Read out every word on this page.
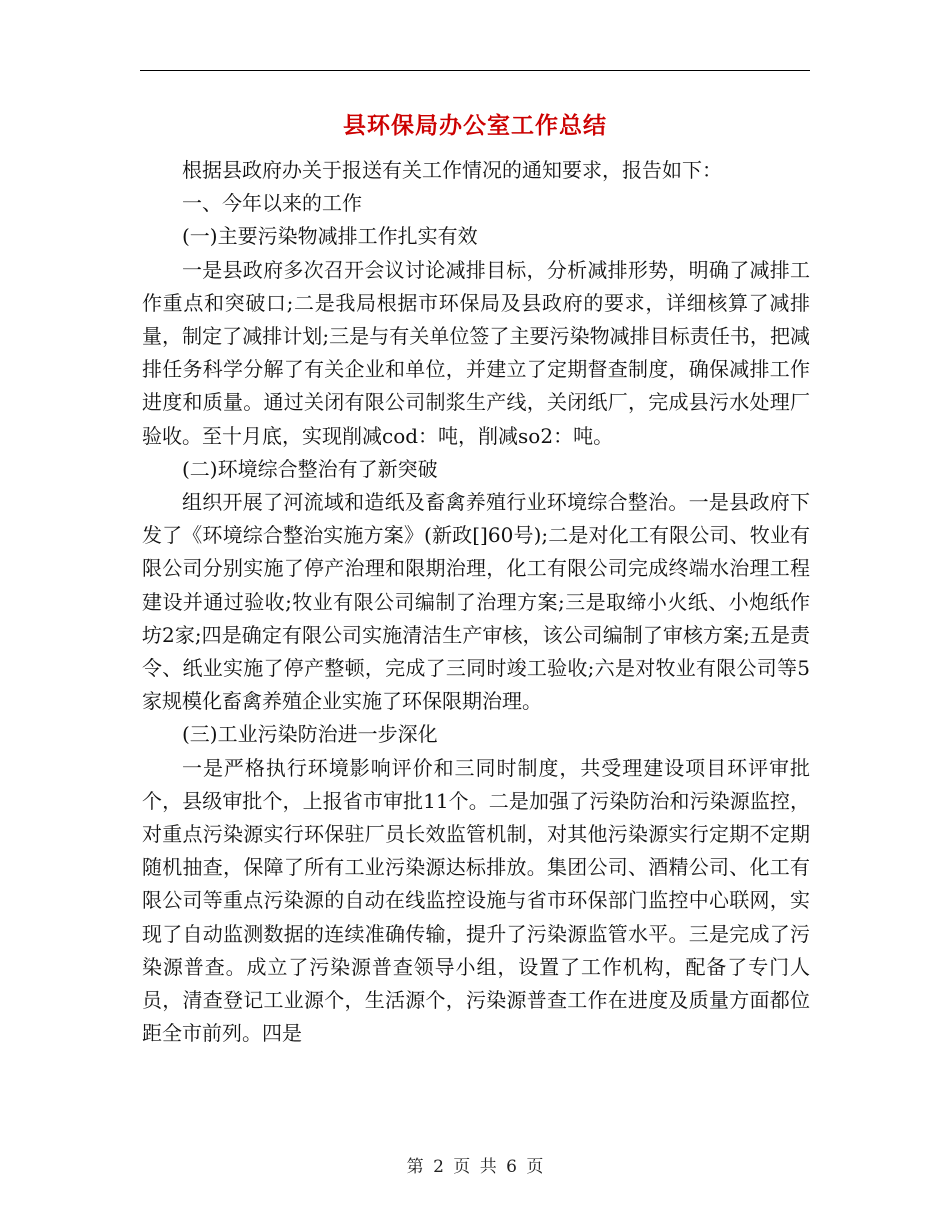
县环保局办公室工作总结

根据县政府办关于报送有关工作情况的通知要求，报告如下：

一、今年以来的工作

(一)主要污染物减排工作扎实有效

一是县政府多次召开会议讨论减排目标，分析减排形势，明确了减排工作重点和突破口;二是我局根据市环保局及县政府的要求，详细核算了减排量，制定了减排计划;三是与有关单位签了主要污染物减排目标责任书，把减排任务科学分解了有关企业和单位，并建立了定期督查制度，确保减排工作进度和质量。通过关闭有限公司制浆生产线，关闭纸厂，完成县污水处理厂验收。至十月底，实现削减cod：吨，削减so2：吨。

(二)环境综合整治有了新突破

组织开展了河流域和造纸及畜禽养殖行业环境综合整治。一是县政府下发了《环境综合整治实施方案》(新政[]60号);二是对化工有限公司、牧业有限公司分别实施了停产治理和限期治理，化工有限公司完成终端水治理工程建设并通过验收;牧业有限公司编制了治理方案;三是取缔小火纸、小炮纸作坊2家;四是确定有限公司实施清洁生产审核，该公司编制了审核方案;五是责令、纸业实施了停产整顿，完成了三同时竣工验收;六是对牧业有限公司等5家规模化畜禽养殖企业实施了环保限期治理。

(三)工业污染防治进一步深化

一是严格执行环境影响评价和三同时制度，共受理建设项目环评审批个，县级审批个，上报省市审批11个。二是加强了污染防治和污染源监控，对重点污染源实行环保驻厂员长效监管机制，对其他污染源实行定期不定期随机抽查，保障了所有工业污染源达标排放。集团公司、酒精公司、化工有限公司等重点污染源的自动在线监控设施与省市环保部门监控中心联网，实现了自动监测数据的连续准确传输，提升了污染源监管水平。三是完成了污染源普查。成立了污染源普查领导小组，设置了工作机构，配备了专门人员，清查登记工业源个，生活源个，污染源普查工作在进度及质量方面都位距全市前列。四是

第 2 页 共 6 页
